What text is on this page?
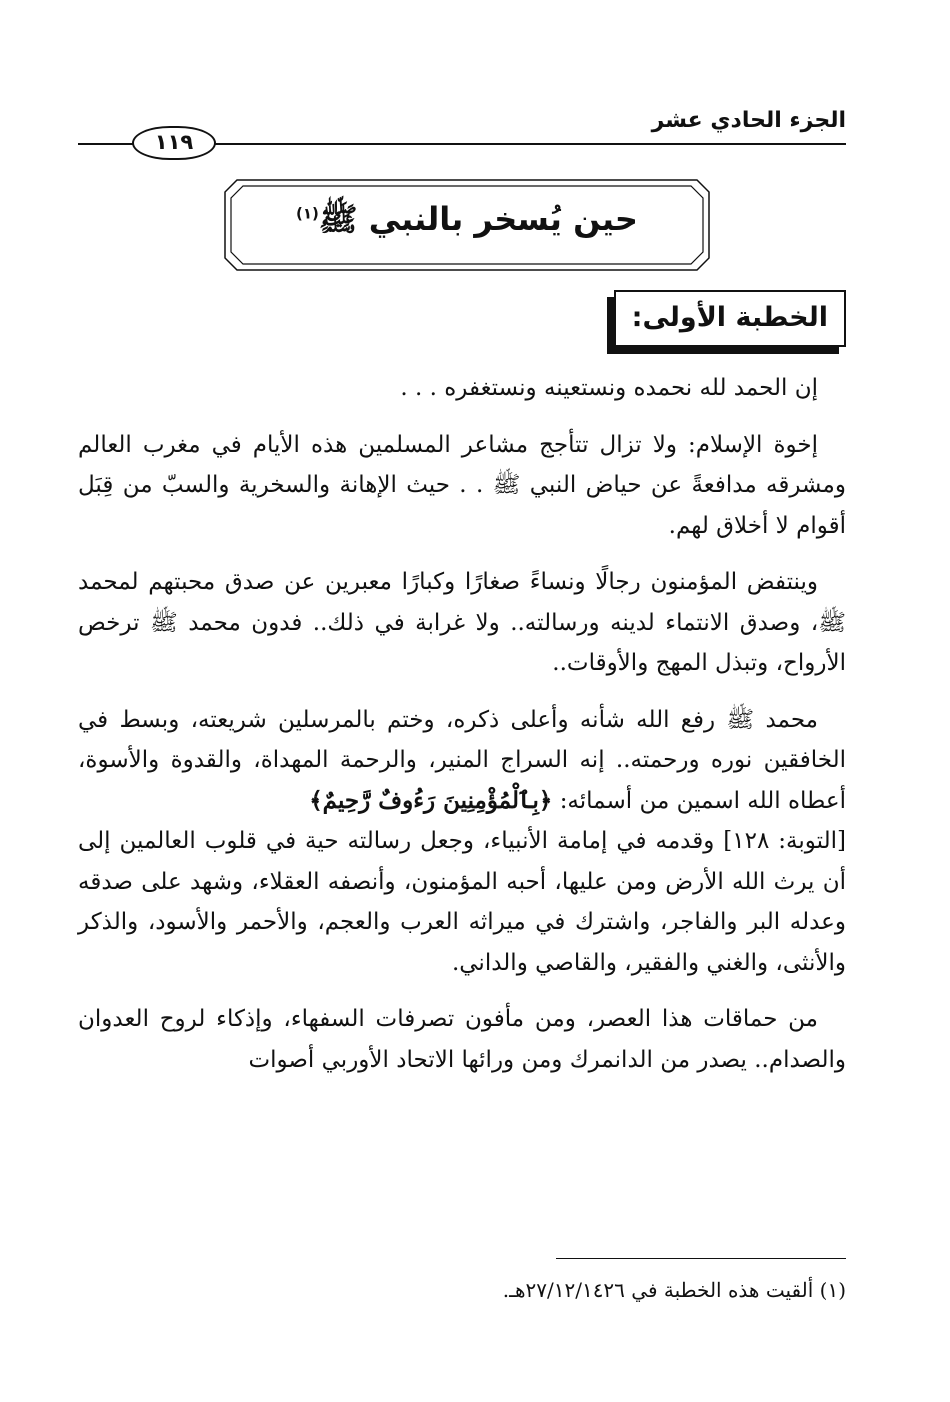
الجزء الحادي عشر
١١٩
حين يُسخر بالنبي ﷺ$^{(١)}$
الخطبة الأولى:

إن الحمد لله نحمده ونستعينه ونستغفره . . .

إخوة الإسلام: ولا تزال تتأجج مشاعر المسلمين هذه الأيام في مغرب العالم ومشرقه مدافعةً عن حياض النبي ﷺ . . حيث الإهانة والسخرية والسبّ من قِبَل أقوام لا أخلاق لهم.

وينتفض المؤمنون رجالًا ونساءً صغارًا وكبارًا معبرين عن صدق محبتهم لمحمد ﷺ، وصدق الانتماء لدينه ورسالته.. ولا غرابة في ذلك.. فدون محمد ﷺ ترخص الأرواح، وتبذل المهج والأوقات..

محمد ﷺ رفع الله شأنه وأعلى ذكره، وختم بالمرسلين شريعته، وبسط في الخافقين نوره ورحمته.. إنه السراج المنير، والرحمة المهداة، والقدوة والأسوة، أعطاه الله اسمين من أسمائه: ﴿بِٱلْمُؤْمِنِينَ رَءُوفٌ رَّحِيمٌ﴾

[التوبة: ١٢٨] وقدمه في إمامة الأنبياء، وجعل رسالته حية في قلوب العالمين إلى أن يرث الله الأرض ومن عليها، أحبه المؤمنون، وأنصفه العقلاء، وشهد على صدقه وعدله البر والفاجر، واشترك في ميراثه العرب والعجم، والأحمر والأسود، والذكر والأنثى، والغني والفقير، والقاصي والداني.

من حماقات هذا العصر، ومن مأفون تصرفات السفهاء، وإذكاء لروح العدوان والصدام.. يصدر من الدانمرك ومن ورائها الاتحاد الأوربي أصوات

(١) ألقيت هذه الخطبة في ٢٧/١٢/١٤٢٦هـ.
